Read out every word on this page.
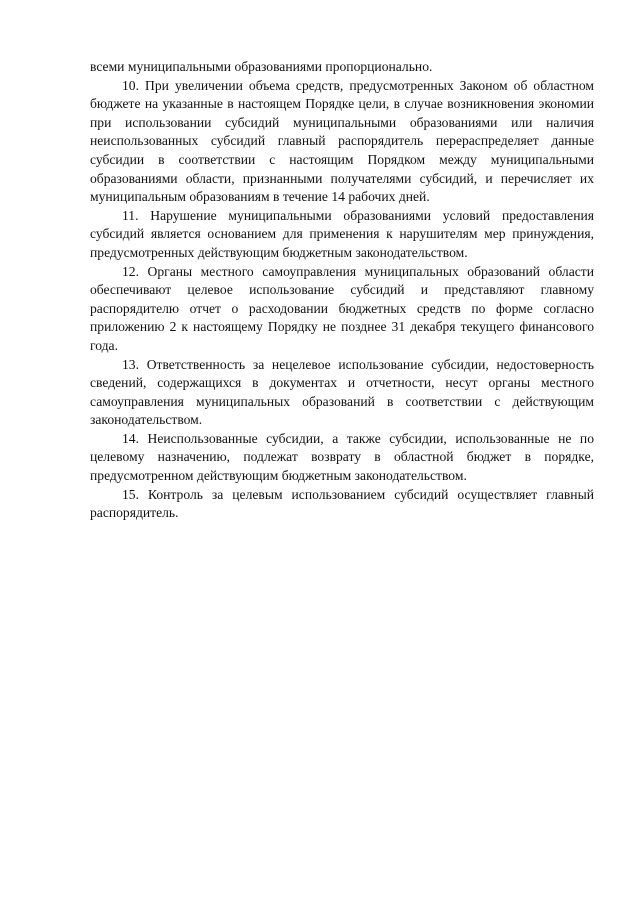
всеми муниципальными образованиями пропорционально.

10. При увеличении объема средств, предусмотренных Законом об областном бюджете на указанные в настоящем Порядке цели, в случае возникновения экономии при использовании субсидий муниципальными образованиями или наличия неиспользованных субсидий главный распорядитель перераспределяет данные субсидии в соответствии с настоящим Порядком между муниципальными образованиями области, признанными получателями субсидий, и перечисляет их муниципальным образованиям в течение 14 рабочих дней.

11. Нарушение муниципальными образованиями условий предоставления субсидий является основанием для применения к нарушителям мер принуждения, предусмотренных действующим бюджетным законодательством.

12. Органы местного самоуправления муниципальных образований области обеспечивают целевое использование субсидий и представляют главному распорядителю отчет о расходовании бюджетных средств по форме согласно приложению 2 к настоящему Порядку не позднее 31 декабря текущего финансового года.

13. Ответственность за нецелевое использование субсидии, недостоверность сведений, содержащихся в документах и отчетности, несут органы местного самоуправления муниципальных образований в соответствии с действующим законодательством.

14. Неиспользованные субсидии, а также субсидии, использованные не по целевому назначению, подлежат возврату в областной бюджет в порядке, предусмотренном действующим бюджетным законодательством.

15. Контроль за целевым использованием субсидий осуществляет главный распорядитель.
